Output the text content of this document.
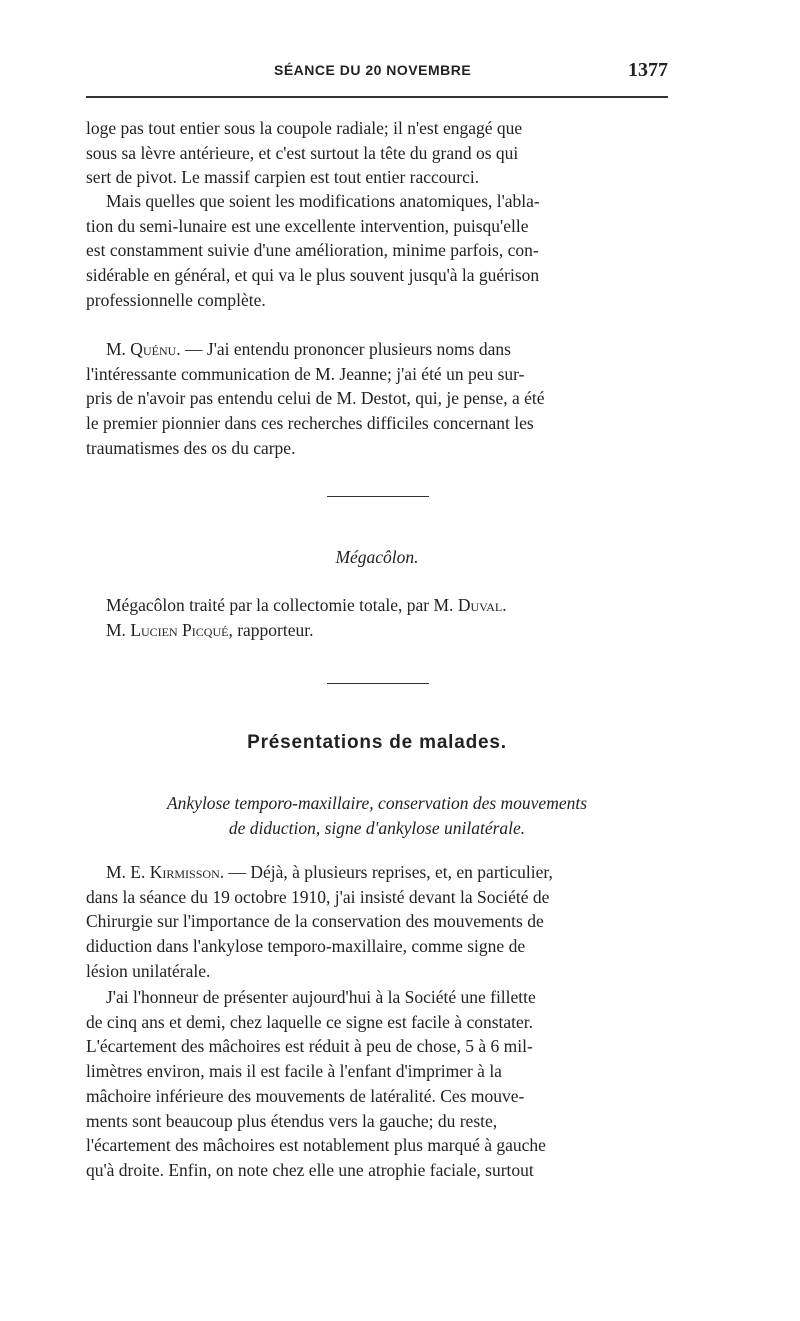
SÉANCE DU 20 NOVEMBRE	1377

loge pas tout entier sous la coupole radiale; il n'est engagé que

sous sa lèvre antérieure, et c'est surtout la tête du grand os qui

sert de pivot. Le massif carpien est tout entier raccourci.

Mais quelles que soient les modifications anatomiques, l'abla-

tion du semi-lunaire est une excellente intervention, puisqu'elle

est constamment suivie d'une amélioration, minime parfois, con-

sidérable en général, et qui va le plus souvent jusqu'à la guérison

professionnelle complète.

M. Quénu. — J'ai entendu prononcer plusieurs noms dans

l'intéressante communication de M. Jeanne; j'ai été un peu sur-

pris de n'avoir pas entendu celui de M. Destot, qui, je pense, a été

le premier pionnier dans ces recherches difficiles concernant les

traumatismes des os du carpe.

Mégacôlon.

Mégacôlon traité par la collectomie totale, par M. Duval.

M. Lucien Picqué, rapporteur.

Présentations de malades.

Ankylose temporo-maxillaire, conservation des mouvements

de diduction, signe d'ankylose unilatérale.

M. E. Kirmisson. — Déjà, à plusieurs reprises, et, en particulier,

dans la séance du 19 octobre 1910, j'ai insisté devant la Société de

Chirurgie sur l'importance de la conservation des mouvements de

diduction dans l'ankylose temporo-maxillaire, comme signe de

lésion unilatérale.

J'ai l'honneur de présenter aujourd'hui à la Société une fillette

de cinq ans et demi, chez laquelle ce signe est facile à constater.

L'écartement des mâchoires est réduit à peu de chose, 5 à 6 mil-

limètres environ, mais il est facile à l'enfant d'imprimer à la

mâchoire inférieure des mouvements de latéralité. Ces mouve-

ments sont beaucoup plus étendus vers la gauche; du reste,

l'écartement des mâchoires est notablement plus marqué à gauche

qu'à droite. Enfin, on note chez elle une atrophie faciale, surtout
